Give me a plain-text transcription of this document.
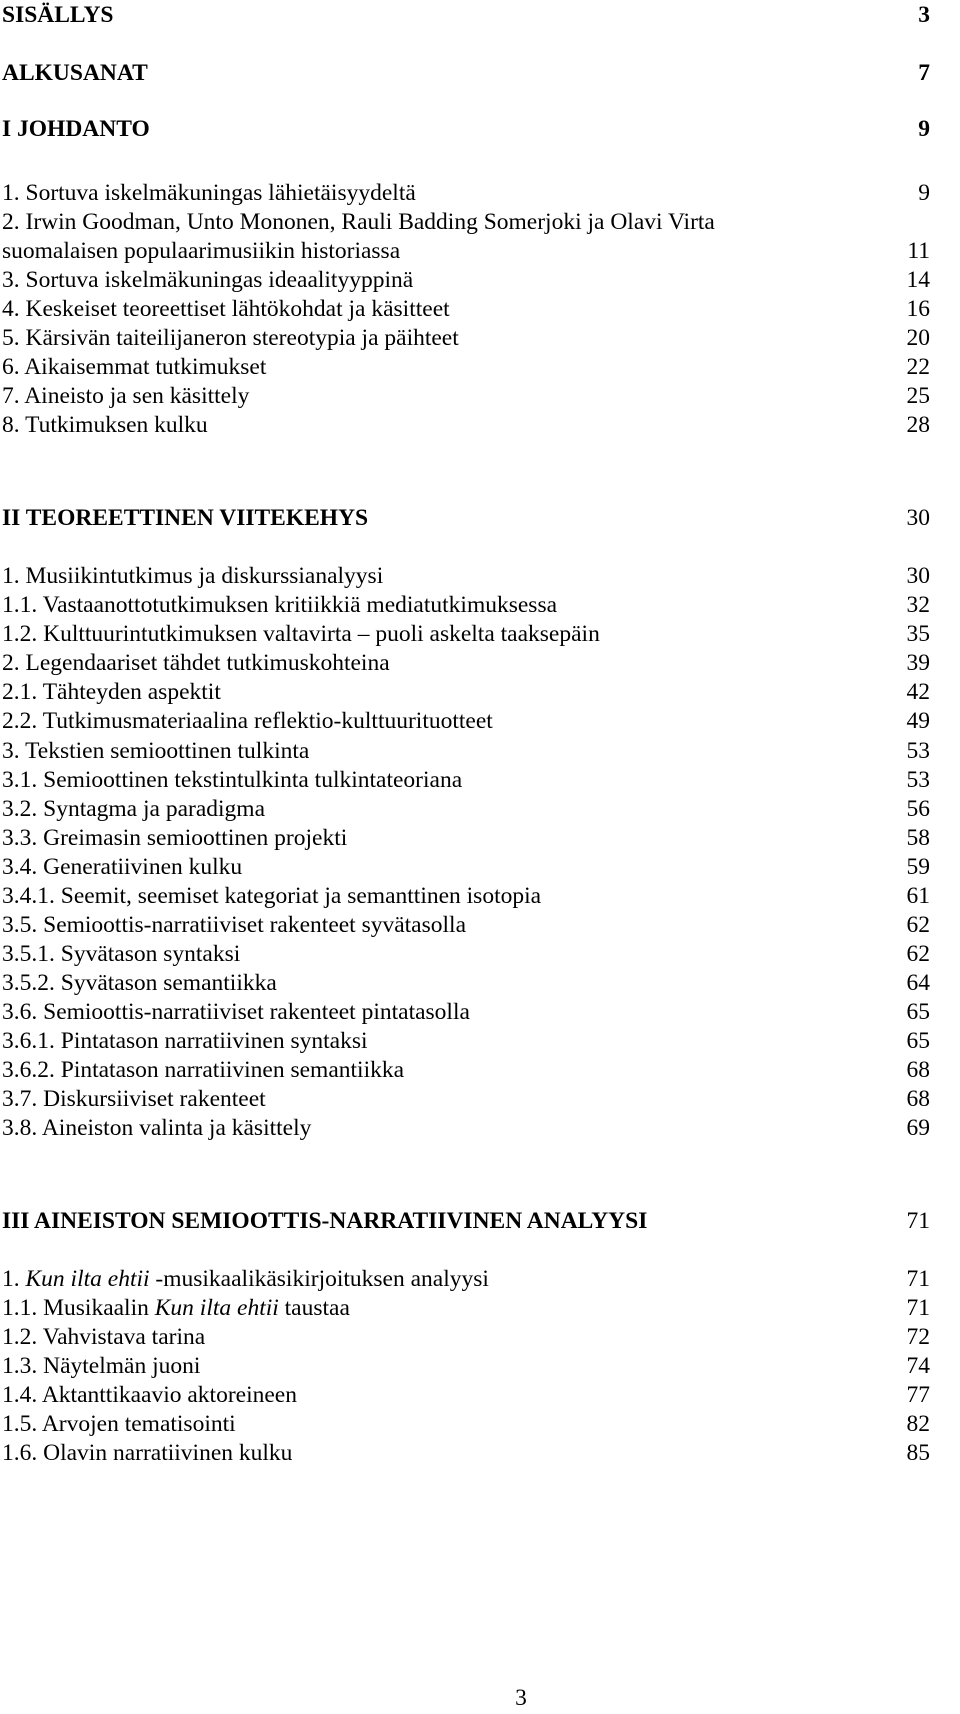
SISÄLLYS	3
ALKUSANAT	7
I JOHDANTO	9
1. Sortuva iskelmäkuningas lähietäisyydeltä	9
2. Irwin Goodman, Unto Mononen, Rauli Badding Somerjoki ja Olavi Virta
suomalaisen populaarimusiikin historiassa	11
3. Sortuva iskelmäkuningas ideaalityyppinä	14
4. Keskeiset teoreettiset lähtökohdat ja käsitteet	16
5. Kärsivän taiteilijaneron stereotypia ja päihteet	20
6. Aikaisemmat tutkimukset	22
7. Aineisto ja sen käsittely	25
8. Tutkimuksen kulku	28
II TEOREETTINEN VIITEKEHYS	30
1. Musiikintutkimus ja diskurssianalyysi	30
1.1. Vastaanottotutkimuksen kritiikkiä mediatutkimuksessa	32
1.2. Kulttuurintutkimuksen valtavirta – puoli askelta taaksepäin	35
2. Legendaariset tähdet tutkimuskohteina	39
2.1. Tähteyden aspektit	42
2.2. Tutkimusmateriaalina reflektio-kulttuurituotteet	49
3. Tekstien semioottinen tulkinta	53
3.1. Semioottinen tekstintulkinta tulkintateoriana	53
3.2. Syntagma ja paradigma	56
3.3. Greimasin semioottinen projekti	58
3.4. Generatiivinen kulku	59
3.4.1. Seemit, seemiset kategoriat ja semanttinen isotopia	61
3.5. Semioottis-narratiiviset rakenteet syvätasolla	62
3.5.1. Syvätason syntaksi	62
3.5.2. Syvätason semantiikka	64
3.6. Semioottis-narratiiviset rakenteet pintatasolla	65
3.6.1. Pintatason narratiivinen syntaksi	65
3.6.2. Pintatason narratiivinen semantiikka	68
3.7. Diskursiiviset rakenteet	68
3.8. Aineiston valinta ja käsittely	69
III AINEISTON SEMIOOTTIS-NARRATIIVINEN ANALYYSI	71
1. Kun ilta ehtii -musikaalikäsikirjoituksen analyysi	71
1.1. Musikaalin Kun ilta ehtii taustaa	71
1.2. Vahvistava tarina	72
1.3. Näytelmän juoni	74
1.4. Aktanttikaavio aktoreineen	77
1.5. Arvojen tematisointi	82
1.6. Olavin narratiivinen kulku	85
3
